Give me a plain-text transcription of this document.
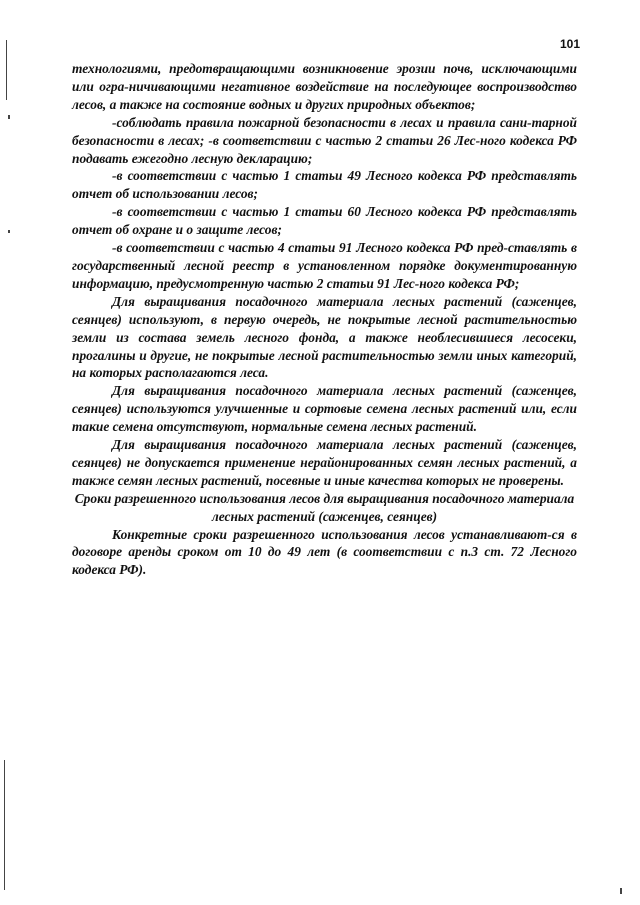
101

технологиями, предотвращающими возникновение эрозии почв, исключающими или огра-ничивающими негативное воздействие на последующее воспроизводство лесов, а также на состояние водных и других природных объектов;

-соблюдать правила пожарной безопасности в лесах и правила сани-тарной безопасности в лесах; -в соответствии с частью 2 статьи 26 Лес-ного кодекса РФ подавать ежегодно лесную декларацию;

-в соответствии с частью 1 статьи 49 Лесного кодекса РФ представлять отчет об использовании лесов;

-в соответствии с частью 1 статьи 60 Лесного кодекса РФ представлять отчет об охране и о защите лесов;

-в соответствии с частью 4 статьи 91 Лесного кодекса РФ пред-ставлять в государственный лесной реестр в установленном порядке документированную информацию, предусмотренную частью 2 статьи 91 Лес-ного кодекса РФ;

Для выращивания посадочного материала лесных растений (саженцев, сеянцев) используют, в первую очередь, не покрытые лесной растительностью земли из состава земель лесного фонда, а также необлесившиеся лесосеки, прогалины и другие, не покрытые лесной растительностью земли иных категорий, на которых располагаются леса.

Для выращивания посадочного материала лесных растений (саженцев, сеянцев) используются улучшенные и сортовые семена лесных растений или, если такие семена отсутствуют, нормальные семена лесных растений.

Для выращивания посадочного материала лесных растений (саженцев, сеянцев) не допускается применение нерайонированных семян лесных растений, а также семян лесных растений, посевные и иные качества которых не проверены.

Сроки разрешенного использования лесов для выращивания посадочного материала лесных растений (саженцев, сеянцев)

Конкретные сроки разрешенного использования лесов устанавливают-ся в договоре аренды сроком от 10 до 49 лет (в соответствии с п.3 ст. 72 Лесного кодекса РФ).
